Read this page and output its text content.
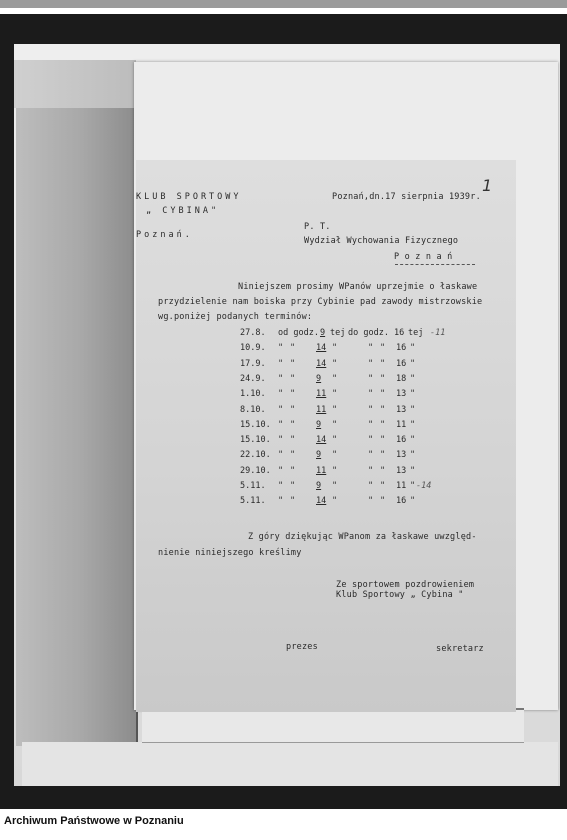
KLUB SPORTOWY
„ CYBINA"
Poznań.
Poznań,dn.17 sierpnia 1939r.
1
P. T.
Wydział Wychowania Fizycznego
P o z n a ń
Niniejszem prosimy WPanów uprzejmie o łaskawe
przydzielenie nam boiska przy Cybinie pad zawody mistrzowskie
wg.poniżej podanych terminów:
27.8. od godz. 9 tej do godz. 16 tej -11
10.9. " " 14 "	" " 16 "
17.9. " " 14 "	" " 16 "
24.9. " " 9 "	" " 18 "
1.10. " " 11 "	" " 13 "
8.10. " " 11 "	" " 13 "
15.10. " " 9 "	" " 11 "
15.10. " " 14 "	" " 16 "
22.10. " " 9 "	" " 13 "
29.10. " " 11 "	" " 13 "
5.11. " " 9 "	" " 11 " -14
5.11. " " 14 "	" " 16 "
Z góry dziękując WPanom za łaskawe uwzględ-
nienie niniejszego kreślimy
Ze sportowem pozdrowieniem
Klub Sportowy „ Cybina "
prezes	sekretarz
Archiwum Państwowe w Poznaniu
